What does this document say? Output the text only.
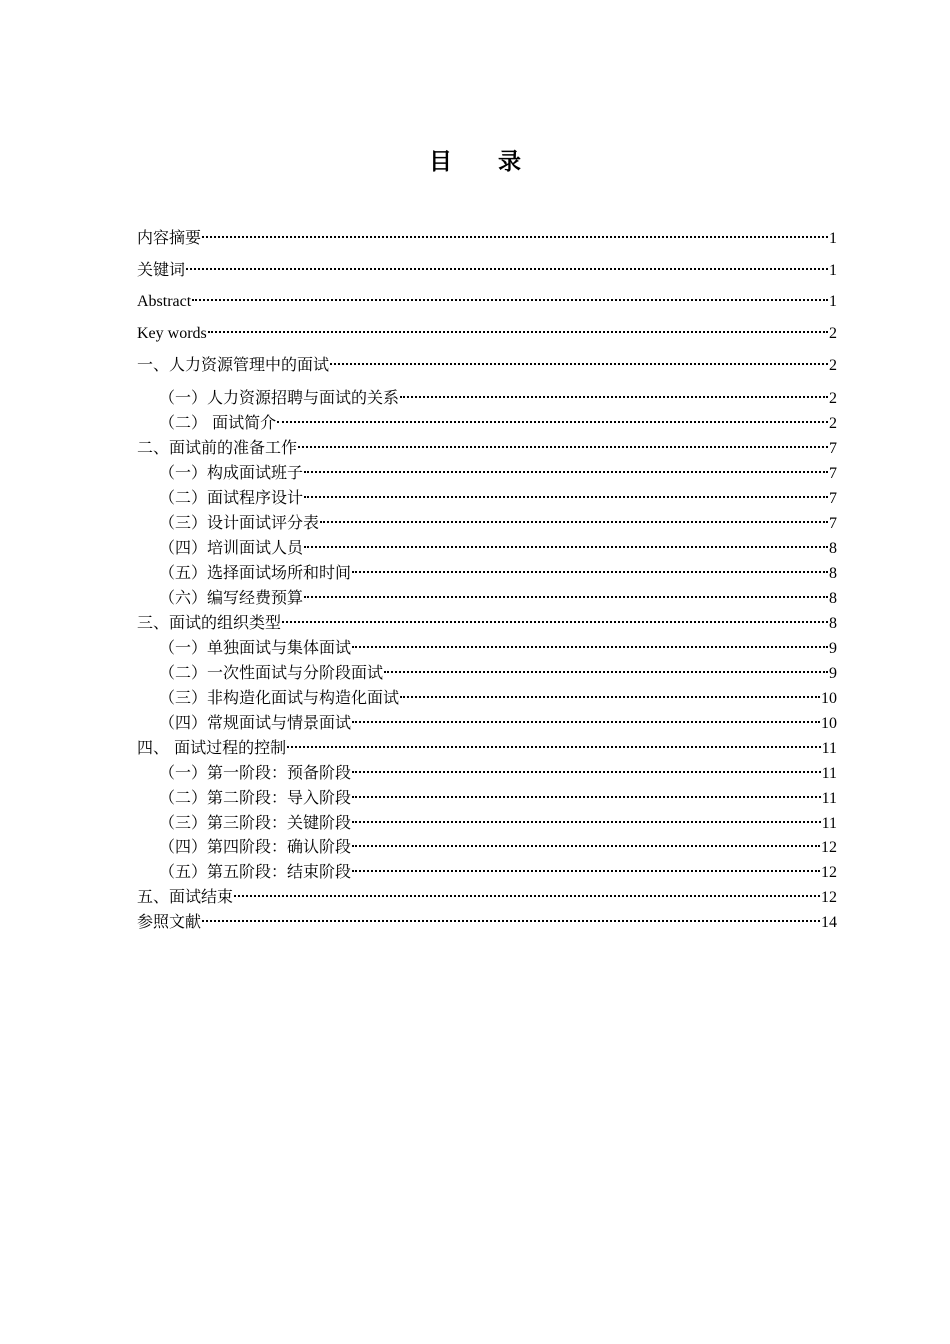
目录
内容摘要	1
关键词	1
Abstract	1
Key words	2
一、人力资源管理中的面试	2
（一）人力资源招聘与面试的关系	2
（二） 面试简介	2
二、面试前的准备工作	7
（一）构成面试班子	7
（二）面试程序设计	7
（三）设计面试评分表	7
（四）培训面试人员	8
（五）选择面试场所和时间	8
（六）编写经费预算	8
三、面试的组织类型	8
（一）单独面试与集体面试	9
（二）一次性面试与分阶段面试	9
（三）非构造化面试与构造化面试	10
（四）常规面试与情景面试	10
四、 面试过程的控制	11
（一）第一阶段：预备阶段	11
（二）第二阶段：导入阶段	11
（三）第三阶段：关键阶段	11
（四）第四阶段：确认阶段	12
（五）第五阶段：结束阶段	12
五、面试结束	12
参照文献	14
